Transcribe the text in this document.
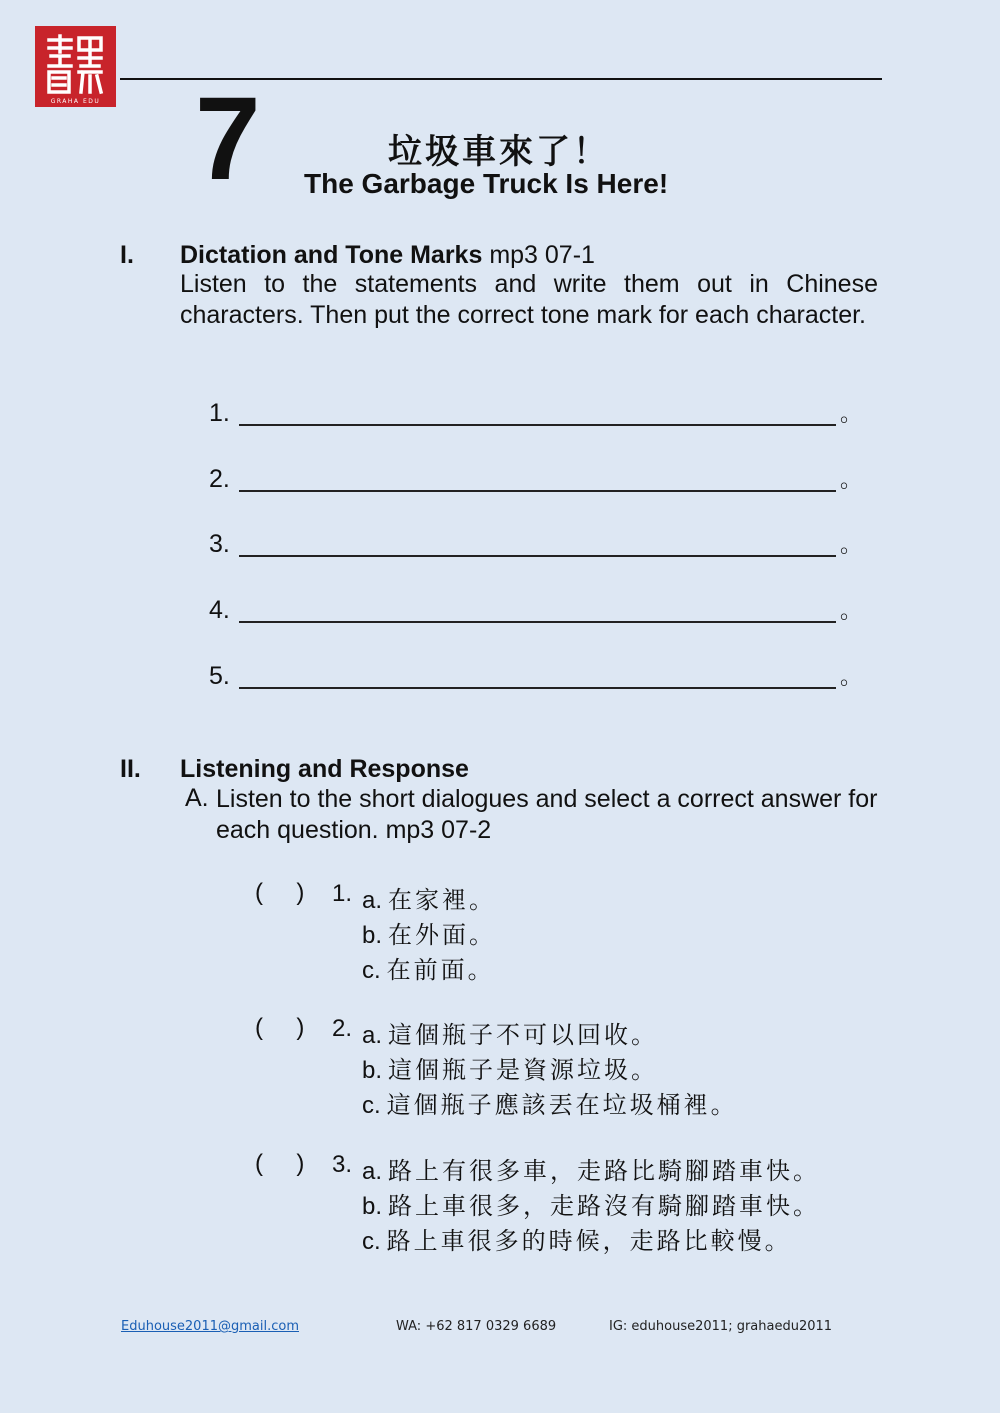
GRAHA EDU 7	垃圾車來了！
The Garbage Truck Is Here!
I. Dictation and Tone Marks mp3 07-1
Listen to the statements and write them out in Chinese characters. Then put the correct tone mark for each character.
1.	。
2.	。
3.	。
4.	。
5.	。
II. Listening and Response
A. Listen to the short dialogues and select a correct answer for each question. mp3 07-2
(     ) 1. a. 在家裡。
b. 在外面。
c. 在前面。
(     ) 2. a. 這個瓶子不可以回收。
b. 這個瓶子是資源垃圾。
c. 這個瓶子應該丟在垃圾桶裡。
(     ) 3. a. 路上有很多車，走路比騎腳踏車快。
b. 路上車很多，走路沒有騎腳踏車快。
c. 路上車很多的時候，走路比較慢。
Eduhouse2011@gmail.com	WA: +62 817 0329 6689	IG: eduhouse2011; grahaedu2011
